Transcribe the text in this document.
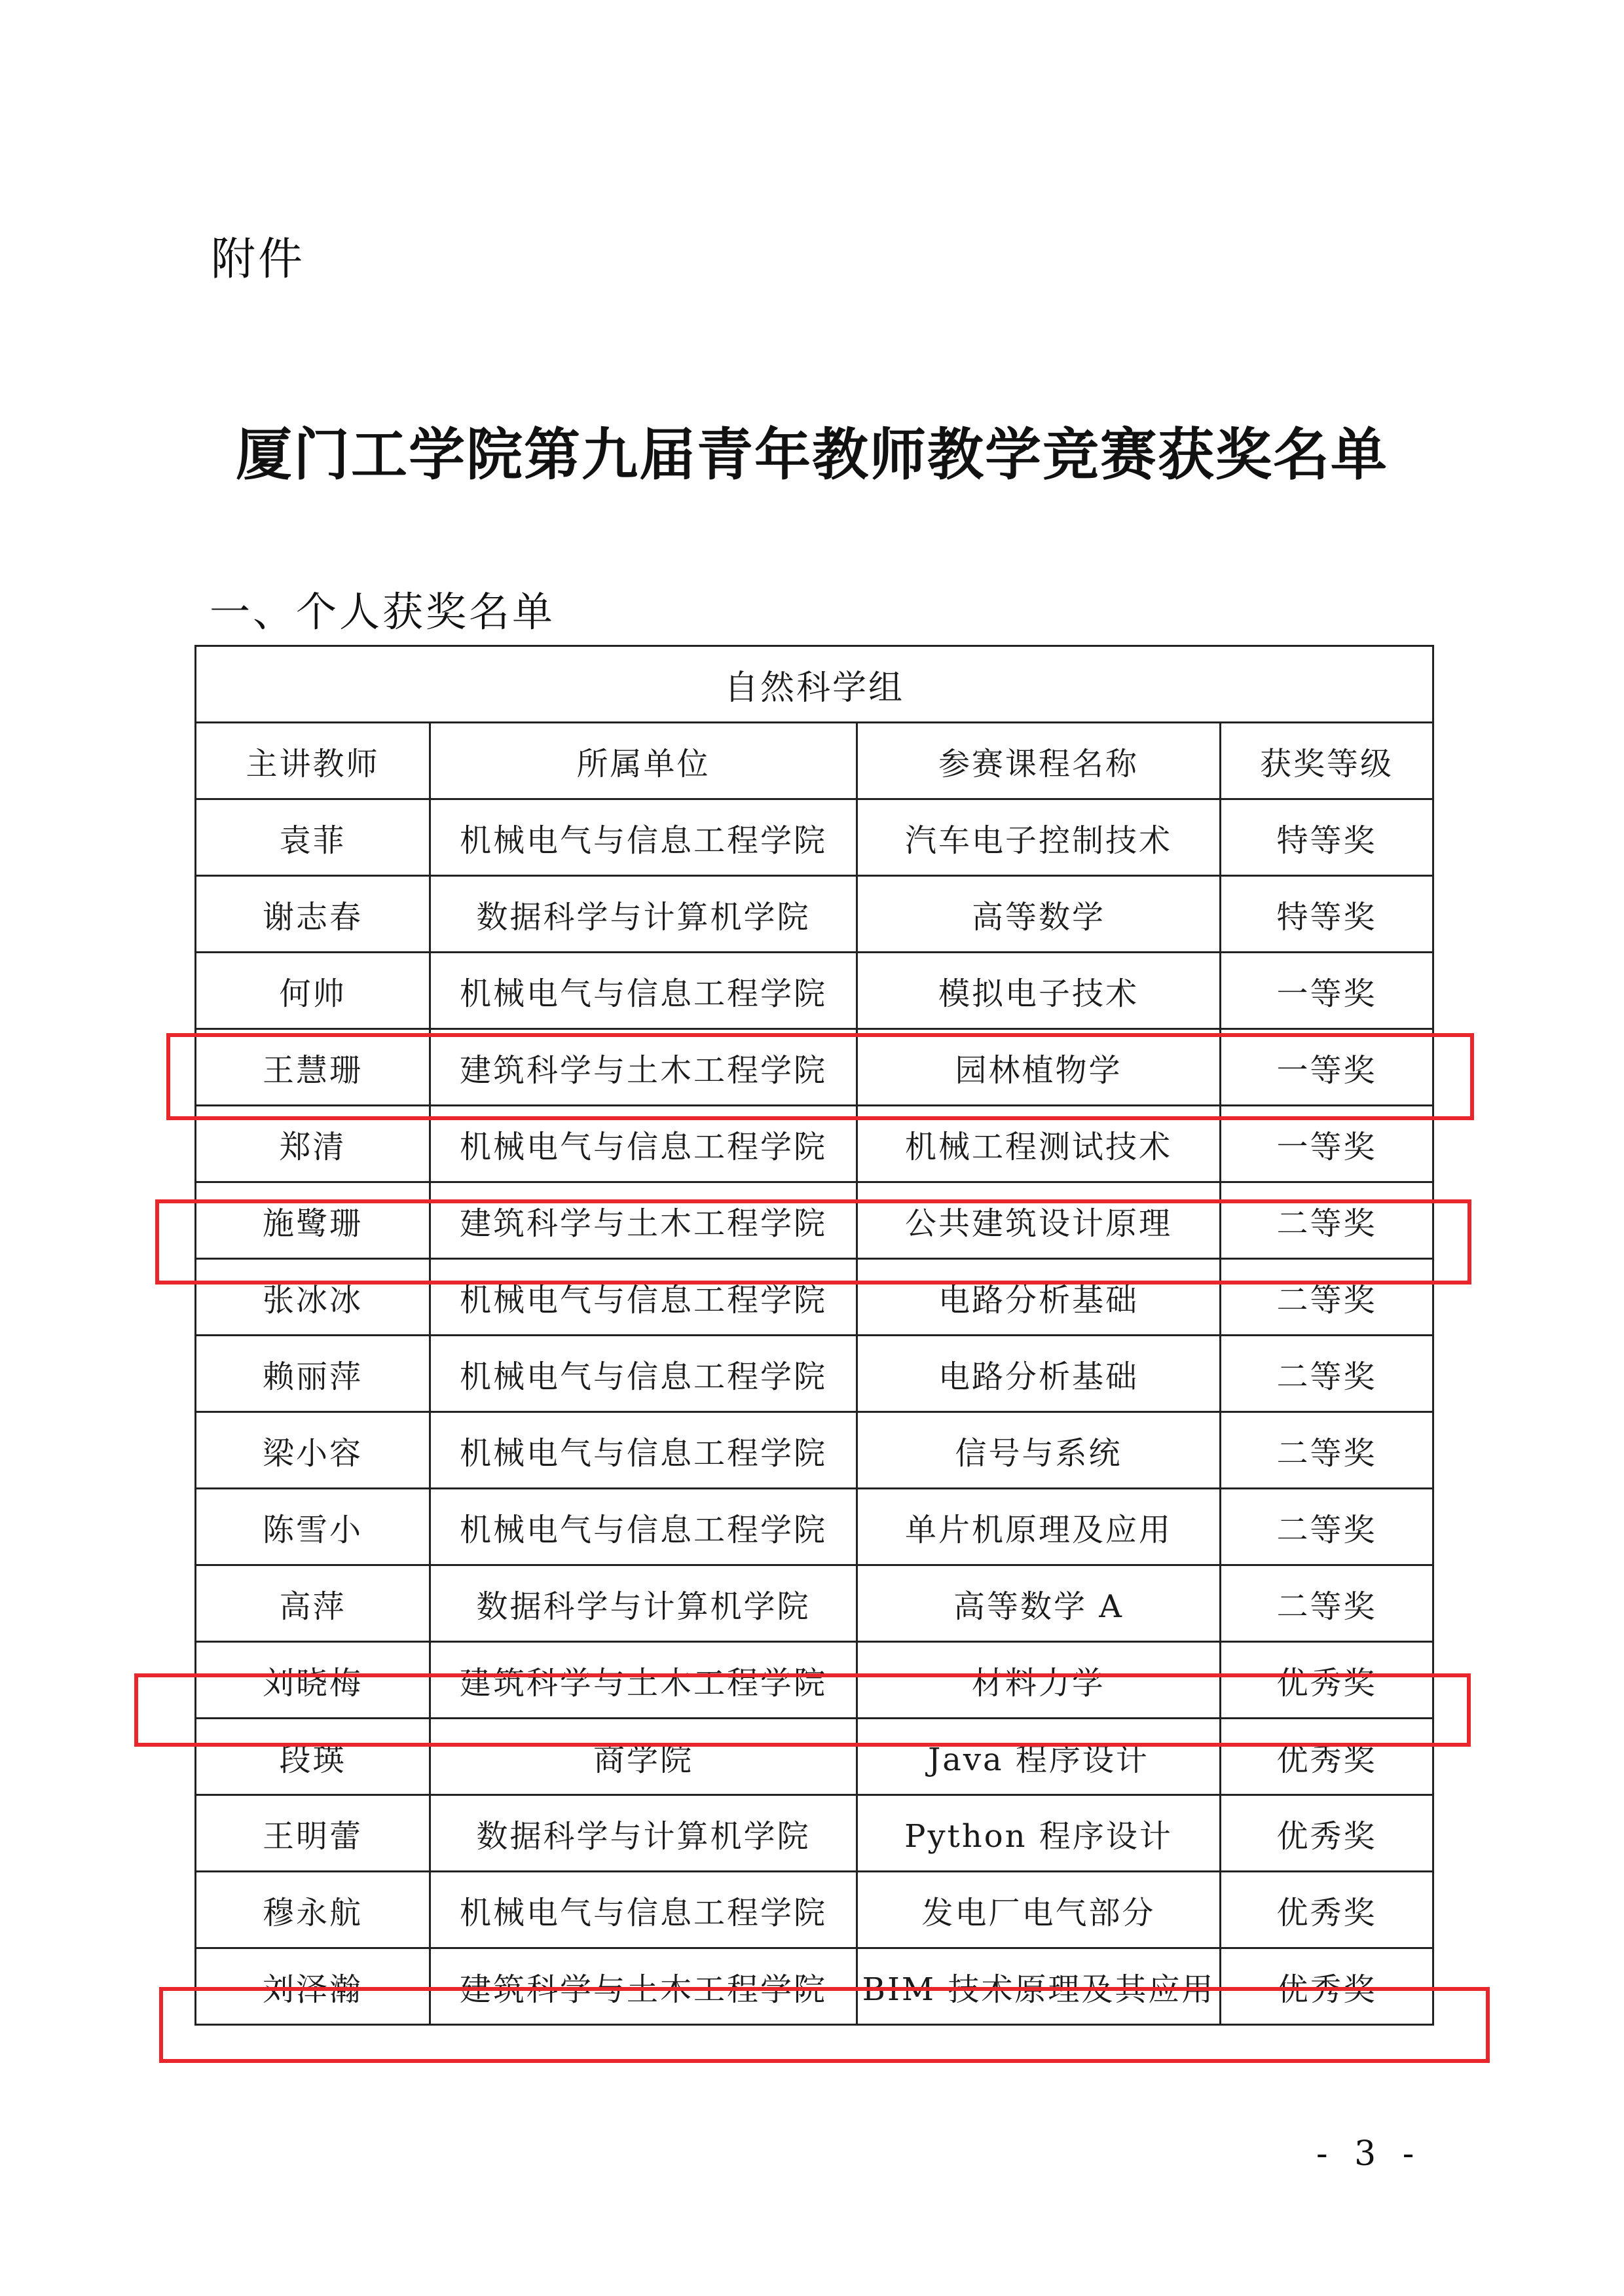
附件
厦门工学院第九届青年教师教学竞赛获奖名单
一、个人获奖名单
自然科学组			
主讲教师	所属单位	参赛课程名称	获奖等级
袁菲	机械电气与信息工程学院	汽车电子控制技术	特等奖
谢志春	数据科学与计算机学院	高等数学	特等奖
何帅	机械电气与信息工程学院	模拟电子技术	一等奖
王慧珊	建筑科学与土木工程学院	园林植物学	一等奖
郑清	机械电气与信息工程学院	机械工程测试技术	一等奖
施鹭珊	建筑科学与土木工程学院	公共建筑设计原理	二等奖
张冰冰	机械电气与信息工程学院	电路分析基础	二等奖
赖丽萍	机械电气与信息工程学院	电路分析基础	二等奖
梁小容	机械电气与信息工程学院	信号与系统	二等奖
陈雪小	机械电气与信息工程学院	单片机原理及应用	二等奖
高萍	数据科学与计算机学院	高等数学 A	二等奖
刘晓梅	建筑科学与土木工程学院	材料力学	优秀奖
段瑛	商学院	Java 程序设计	优秀奖
王明蕾	数据科学与计算机学院	Python 程序设计	优秀奖
穆永航	机械电气与信息工程学院	发电厂电气部分	优秀奖
刘泽瀚	建筑科学与土木工程学院	BIM 技术原理及其应用	优秀奖
- 3 -
